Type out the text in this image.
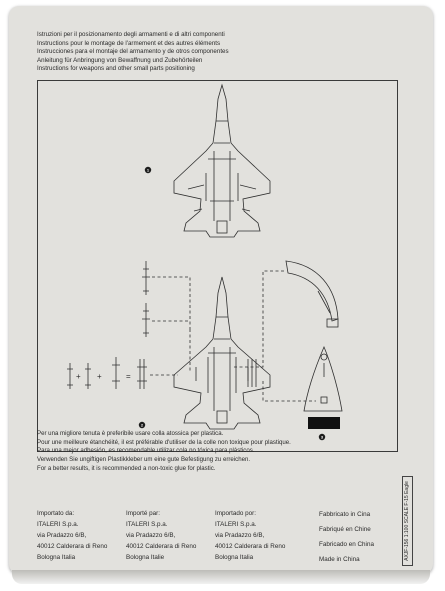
Istruzioni per il posizionamento degli armamenti e di altri componenti
Instructions pour le montage de l'armement et des autres éléments
Instrucciones para el montaje del armamento y de otros componentes
Anleitung für Anbringung von Bewaffnung und Zubehörteilen
Instructions for weapons and other small parts positioning
+ +	=
1
2
3
Per una migliore tenuta è preferibile usare colla atossica per plastica.
Pour une meilleure étanchéité, il est préférable d'utiliser de la colle non toxique pour plastique.
Para una mejor adhesión, es recomendable utilizar cola no tóxica para plásticos.
Verwenden Sie ungiftigen Plastikkleber um eine gute Befestigung zu erreichen.
For a better results, it is recommended a non-toxic glue for plastic.
Importato da:
ITALERI S.p.a.
via Pradazzo 6/B,
40012 Calderara di Reno
Bologna Italia
Importé par:
ITALERI S.p.a.
via Pradazzo 6/B,
40012 Calderara di Reno
Bologna Italie
Importado por:
ITALERI S.p.a.
via Pradazzo 6/B,
40012 Calderara di Reno
Bologna Italia
Fabbricato in Cina
Fabriqué en Chine
Fabricado en China
Made in China	AXJF-156 1:100 SCALE F-15 Eagle
